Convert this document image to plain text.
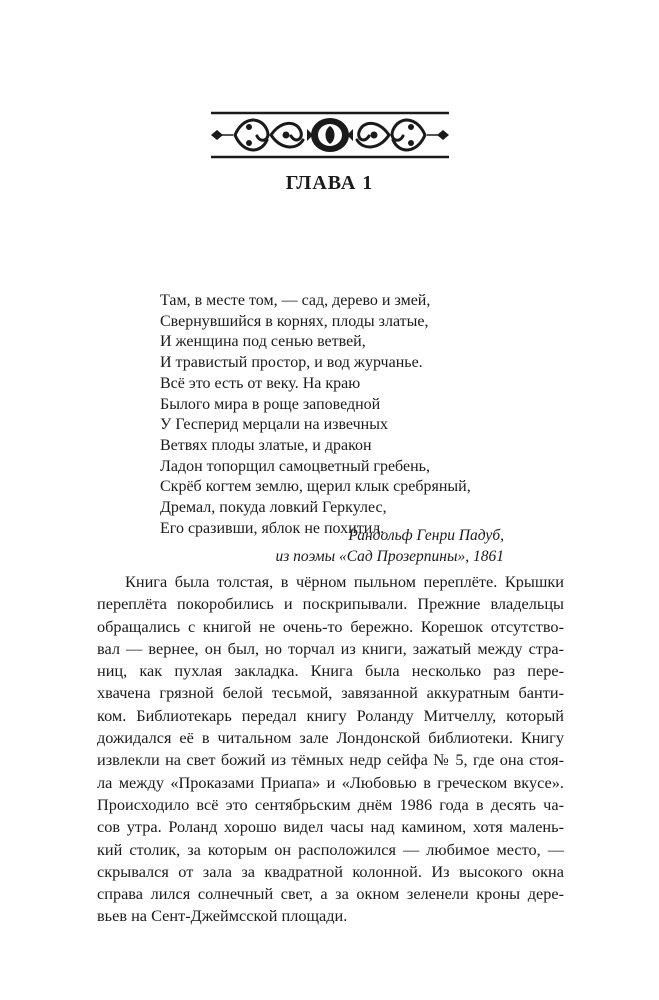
ГЛАВА 1
Там, в месте том, — сад, дерево и змей,
Свернувшийся в корнях, плоды златые,
И женщина под сенью ветвей,
И травистый простор, и вод журчанье.
Всё это есть от веку. На краю
Былого мира в роще заповедной
У Гесперид мерцали на извечных
Ветвях плоды златые, и дракон
Ладон топорщил самоцветный гребень,
Скрёб когтем землю, щерил клык сребряный,
Дремал, покуда ловкий Геркулес,
Его сразивши, яблок не похитил.
Рандольф Генри Падуб,
из поэмы «Сад Прозерпины», 1861
Книга была толстая, в чёрном пыльном переплёте. Крышки
переплёта покоробились и поскрипывали. Прежние владельцы
обращались с книгой не очень-то бережно. Корешок отсутство-
вал — вернее, он был, но торчал из книги, зажатый между стра-
ниц, как пухлая закладка. Книга была несколько раз пере-
хвачена грязной белой тесьмой, завязанной аккуратным банти-
ком. Библиотекарь передал книгу Роланду Митчеллу, который
дожидался её в читальном зале Лондонской библиотеки. Книгу
извлекли на свет божий из тёмных недр сейфа № 5, где она стоя-
ла между «Проказами Приапа» и «Любовью в греческом вкусе».
Происходило всё это сентябрьским днём 1986 года в десять ча-
сов утра. Роланд хорошо видел часы над камином, хотя малень-
кий столик, за которым он расположился — любимое место, —
скрывался от зала за квадратной колонной. Из высокого окна
справа лился солнечный свет, а за окном зеленели кроны дере-
вьев на Сент-Джеймсской площади.
